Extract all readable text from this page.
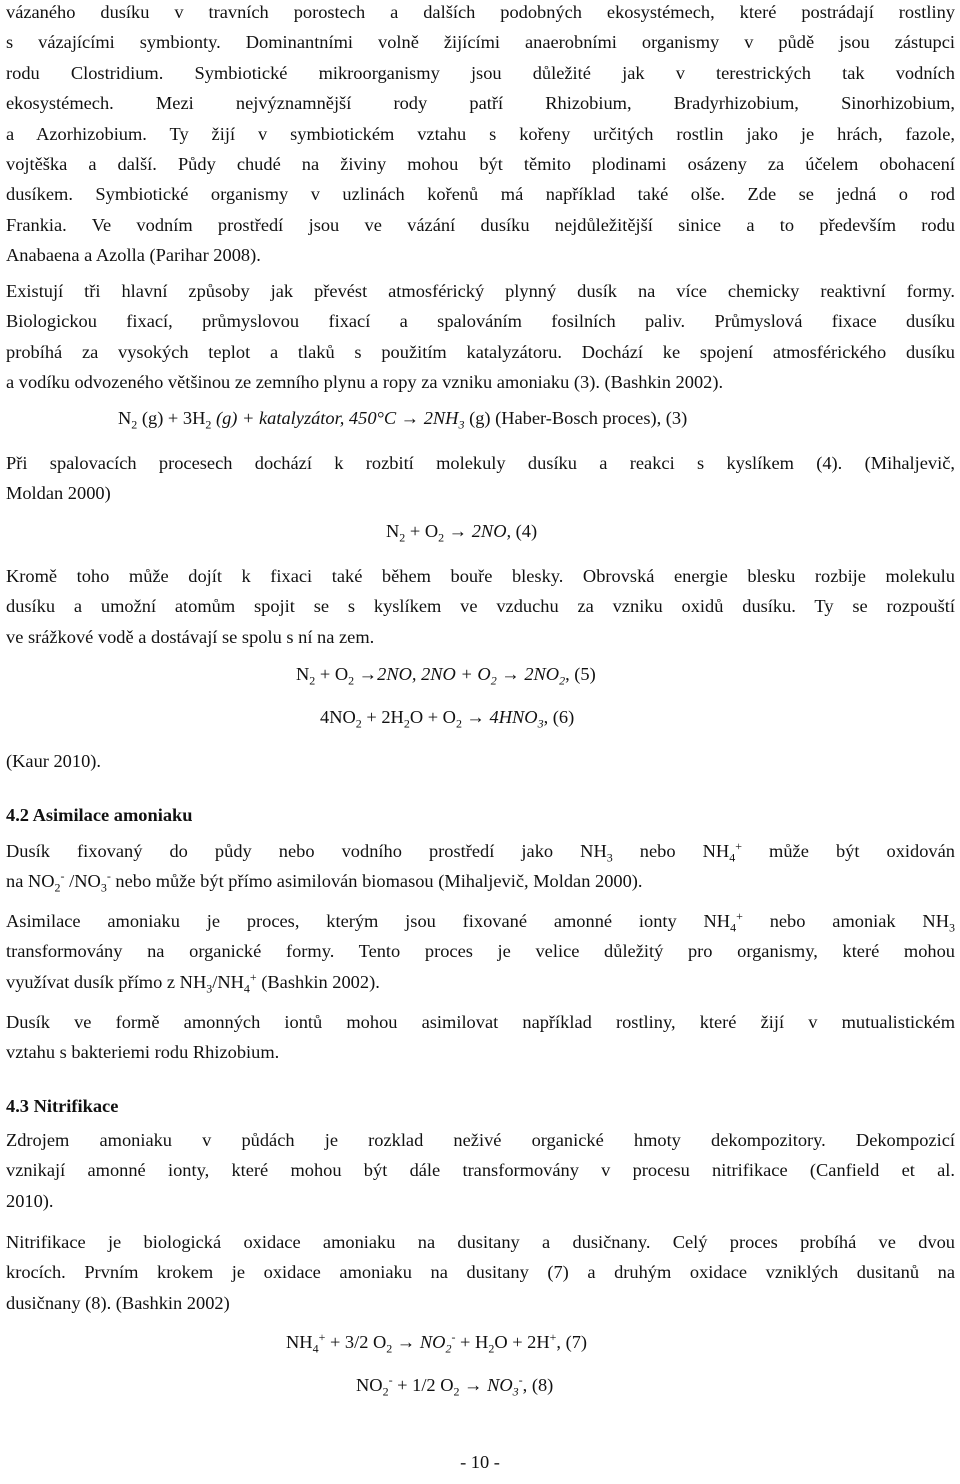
vázaného dusíku v travních porostech a dalších podobných ekosystémech, které postrádají rostliny
s vázajícími symbionty. Dominantními volně žijícími anaerobními organismy v půdě jsou zástupci
rodu Clostridium. Symbiotické mikroorganismy jsou důležité jak v terestrických tak vodních
ekosystémech. Mezi nejvýznamnější rody patří Rhizobium, Bradyrhizobium, Sinorhizobium,
a Azorhizobium. Ty žijí v symbiotickém vztahu s kořeny určitých rostlin jako je hrách, fazole,
vojtěška a další. Půdy chudé na živiny mohou být těmito plodinami osázeny za účelem obohacení
dusíkem. Symbiotické organismy v uzlinách kořenů má například také olše. Zde se jedná o rod
Frankia. Ve vodním prostředí jsou ve vázání dusíku nejdůležitější sinice a to především rodu
Anabaena a Azolla (Parihar 2008).
Existují tři hlavní způsoby jak převést atmosférický plynný dusík na více chemicky reaktivní formy.
Biologickou fixací, průmyslovou fixací a spalováním fosilních paliv. Průmyslová fixace dusíku
probíhá za vysokých teplot a tlaků s použitím katalyzátoru. Dochází ke spojení atmosférického dusíku
a vodíku odvozeného většinou ze zemního plynu a ropy za vzniku amoniaku (3). (Bashkin 2002).
$N_2$ $(g) + 3H_2$ (g) + katalyzátor, $450^\circ C \to 2NH_3$ (g) (Haber-Bosch proces), (3)
Při spalovacích procesech dochází k rozbití molekuly dusíku a reakci s kyslíkem (4). (Mihaljevič,
Moldan 2000)
$N_2 + O_2 \to 2NO$, (4)
Kromě toho může dojít k fixaci také během bouře blesky. Obrovská energie blesku rozbije molekulu
dusíku a umožní atomům spojit se s kyslíkem ve vzduchu za vzniku oxidů dusíku. Ty se rozpouští
ve srážkové vodě a dostávají se spolu s ní na zem.
$N_2 + O_2 \to 2NO$, $2NO + O_2 \to 2NO_2$, (5)
$4NO_2 + 2H_2O + O_2 \to 4HNO_3$, (6)
(Kaur 2010).
4.2 Asimilace amoniaku
Dusík fixovaný do půdy nebo vodního prostředí jako $NH_3$ nebo $NH_4^+$ může být oxidován
na $NO_2^-$ $/NO_3^-$ nebo může být přímo asimilován biomasou (Mihaljevič, Moldan 2000).
Asimilace amoniaku je proces, kterým jsou fixované amonné ionty $NH_4^+$ nebo amoniak $NH_3$
transformovány na organické formy. Tento proces je velice důležitý pro organismy, které mohou
využívat dusík přímo z $NH_3/NH_4^+$ (Bashkin 2002).
Dusík ve formě amonných iontů mohou asimilovat například rostliny, které žijí v mutualistickém
vztahu s bakteriemi rodu Rhizobium.
4.3 Nitrifikace
Zdrojem amoniaku v půdách je rozklad neživé organické hmoty dekompozitory. Dekompozicí
vznikají amonné ionty, které mohou být dále transformovány v procesu nitrifikace (Canfield et al.
2010).
Nitrifikace je biologická oxidace amoniaku na dusitany a dusičnany. Celý proces probíhá ve dvou
krocích. Prvním krokem je oxidace amoniaku na dusitany (7) a druhým oxidace vzniklých dusitanů na
dusičnany (8). (Bashkin 2002)
$NH_4^+ + 3/2$ $O_2 \to NO_2^- + H_2O + 2H^+$, (7)
$NO_2^- + 1/2$ $O_2 \to NO_3^-$, (8)
- 10 -
